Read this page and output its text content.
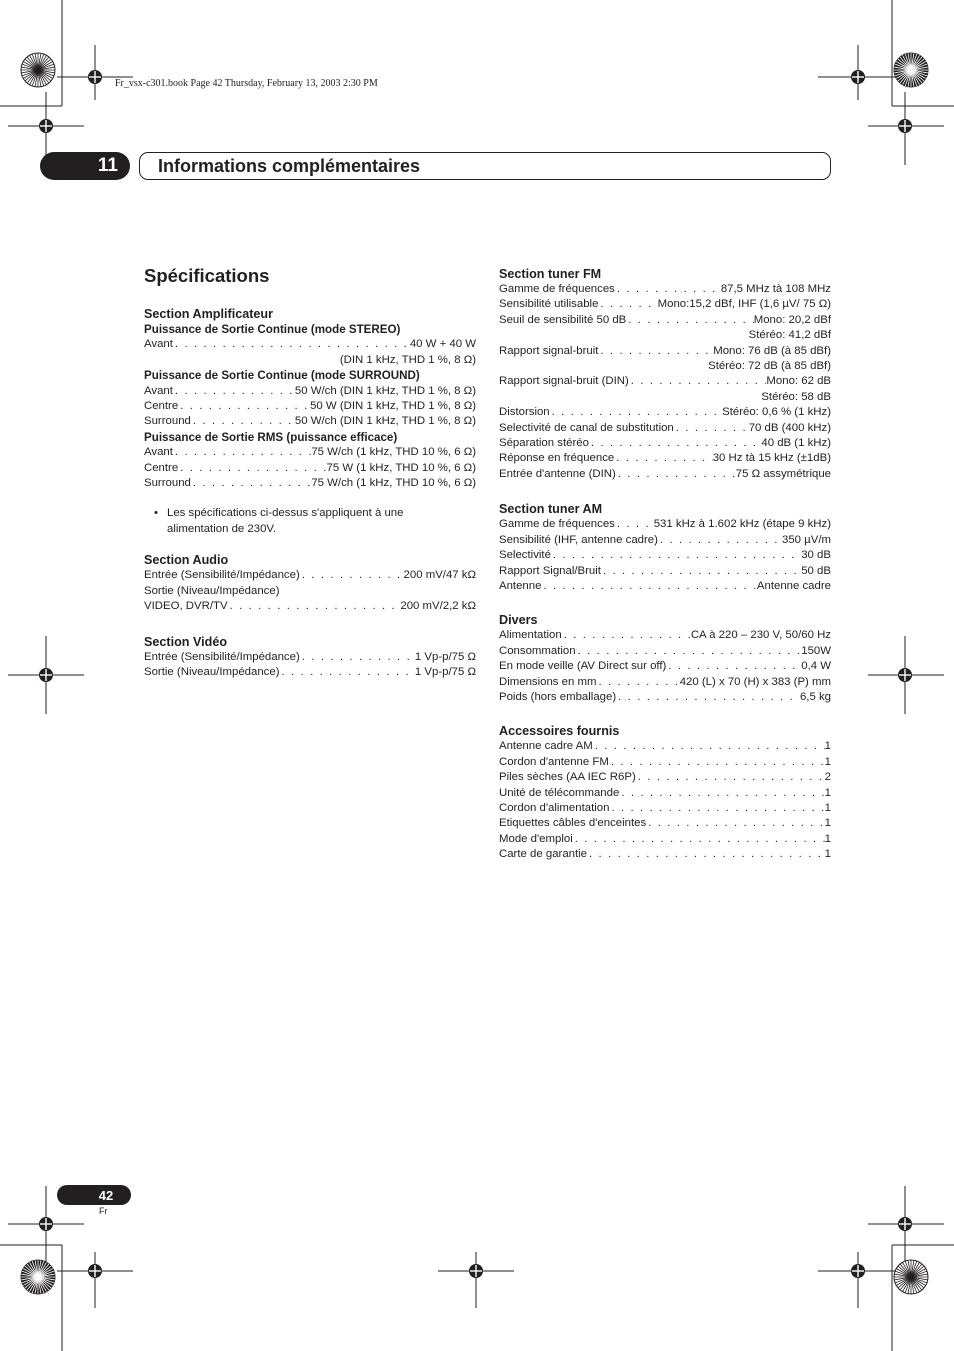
Fr_vsx-c301.book Page 42 Thursday, February 13, 2003 2:30 PM
11	Informations complémentaires
Spécifications
Section Amplificateur
Puissance de Sortie Continue (mode STEREO)
Avant . . .	40 W + 40 W
(DIN 1 kHz, THD 1 %, 8 Ω)
Puissance de Sortie Continue (mode SURROUND)
Avant . . .	50 W/ch (DIN 1 kHz, THD 1 %, 8 Ω)
Centre . . .	50 W (DIN 1 kHz, THD 1 %, 8 Ω)
Surround . . .	50 W/ch (DIN 1 kHz, THD 1 %, 8 Ω)
Puissance de Sortie RMS (puissance efficace)
Avant . . .	75 W/ch (1 kHz, THD 10 %, 6 Ω)
Centre . . .	75 W (1 kHz, THD 10 %, 6 Ω)
Surround . . .	75 W/ch (1 kHz, THD 10 %, 6 Ω)
• Les spécifications ci-dessus s'appliquent à une alimentation de 230V.
Section Audio
Entrée (Sensibilité/Impédance) . . .	200 mV/47 kΩ
Sortie (Niveau/Impédance)
VIDEO, DVR/TV . . .	200 mV/2,2 kΩ
Section Vidéo
Entrée (Sensibilité/Impédance) . . .	1 Vp-p/75 Ω
Sortie (Niveau/Impédance) . . .	1 Vp-p/75 Ω
Section tuner FM
Gamme de fréquences . . .	87,5 MHz tà 108 MHz
Sensibilité utilisable . . .	Mono:15,2 dBf, IHF (1,6 µV/ 75 Ω)
Seuil de sensibilité 50 dB . . .	Mono: 20,2 dBf
Stéréo: 41,2 dBf
Rapport signal-bruit . . .	Mono: 76 dB (à 85 dBf)
Stéréo: 72 dB (à 85 dBf)
Rapport signal-bruit (DIN) . . .	Mono: 62 dB
Stéréo: 58 dB
Distorsion . . .	Stéréo: 0,6 % (1 kHz)
Selectivité de canal de substitution . . .	70 dB (400 kHz)
Séparation stéréo . . .	40 dB (1 kHz)
Réponse en fréquence . . .	30 Hz tà 15 kHz (±1dB)
Entrée d'antenne (DIN) . . .	75 Ω assymétrique
Section tuner AM
Gamme de fréquences . . .	531 kHz à 1.602 kHz (étape 9 kHz)
Sensibilité (IHF, antenne cadre) . . .	350 µV/m
Selectivité . . .	30 dB
Rapport Signal/Bruit . . .	50 dB
Antenne . . .	Antenne cadre
Divers
Alimentation . . .	CA à 220 – 230 V, 50/60 Hz
Consommation . . .	150W
En mode veille (AV Direct sur off) . . .	0,4 W
Dimensions en mm . . .	420 (L) x 70 (H) x 383 (P) mm
Poids (hors emballage) . . .	6,5 kg
Accessoires fournis
Antenne cadre AM . . .	1
Cordon d'antenne FM . . .	1
Piles sèches (AA IEC R6P) . . .	2
Unité de télécommande . . .	1
Cordon d'alimentation . . .	1
Etiquettes câbles d'enceintes . . .	1
Mode d'emploi . . .	1
Carte de garantie . . .	1
42
Fr
